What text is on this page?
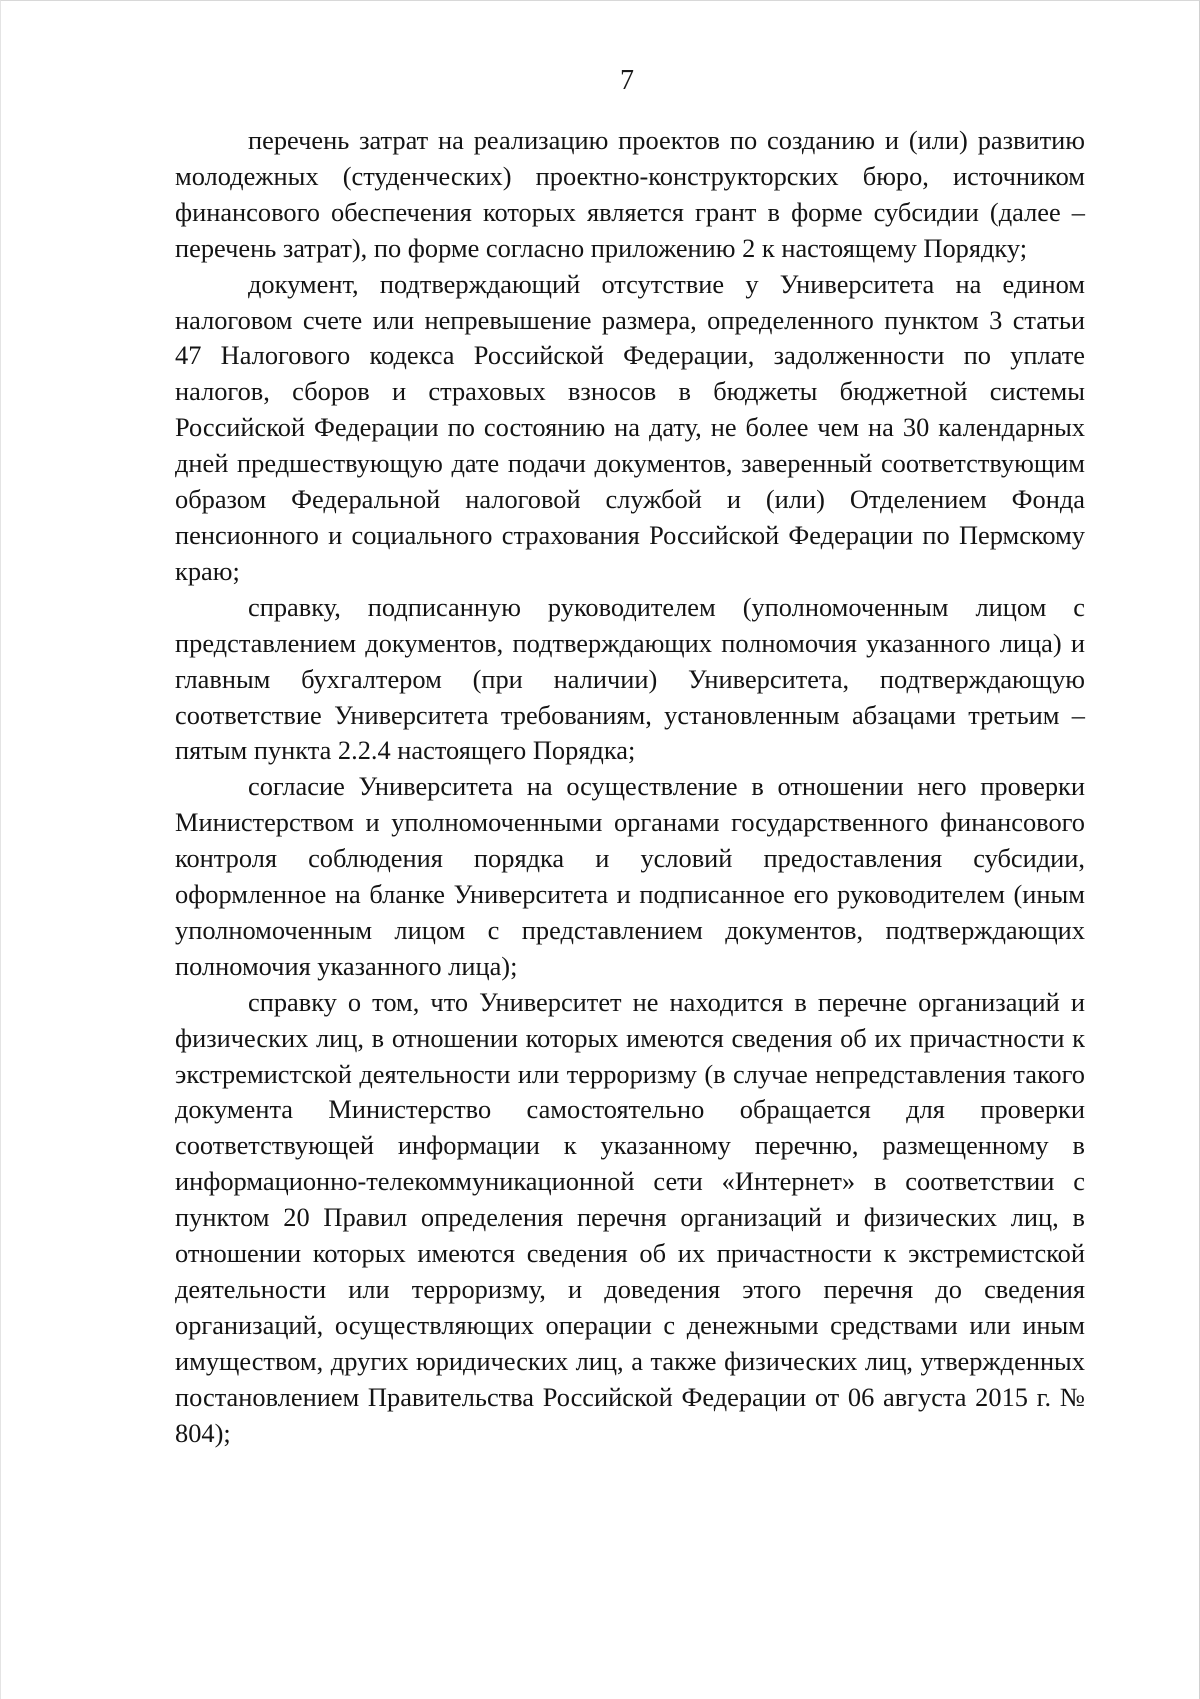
7

перечень затрат на реализацию проектов по созданию и (или) развитию молодежных (студенческих) проектно-конструкторских бюро, источником финансового обеспечения которых является грант в форме субсидии (далее – перечень затрат), по форме согласно приложению 2 к настоящему Порядку;

документ, подтверждающий отсутствие у Университета на едином налоговом счете или непревышение размера, определенного пунктом 3 статьи 47 Налогового кодекса Российской Федерации, задолженности по уплате налогов, сборов и страховых взносов в бюджеты бюджетной системы Российской Федерации по состоянию на дату, не более чем на 30 календарных дней предшествующую дате подачи документов, заверенный соответствующим образом Федеральной налоговой службой и (или) Отделением Фонда пенсионного и социального страхования Российской Федерации по Пермскому краю;

справку, подписанную руководителем (уполномоченным лицом с представлением документов, подтверждающих полномочия указанного лица) и главным бухгалтером (при наличии) Университета, подтверждающую соответствие Университета требованиям, установленным абзацами третьим – пятым пункта 2.2.4 настоящего Порядка;

согласие Университета на осуществление в отношении него проверки Министерством и уполномоченными органами государственного финансового контроля соблюдения порядка и условий предоставления субсидии, оформленное на бланке Университета и подписанное его руководителем (иным уполномоченным лицом с представлением документов, подтверждающих полномочия указанного лица);

справку о том, что Университет не находится в перечне организаций и физических лиц, в отношении которых имеются сведения об их причастности к экстремистской деятельности или терроризму (в случае непредставления такого документа Министерство самостоятельно обращается для проверки соответствующей информации к указанному перечню, размещенному в информационно-телекоммуникационной сети «Интернет» в соответствии с пунктом 20 Правил определения перечня организаций и физических лиц, в отношении которых имеются сведения об их причастности к экстремистской деятельности или терроризму, и доведения этого перечня до сведения организаций, осуществляющих операции с денежными средствами или иным имуществом, других юридических лиц, а также физических лиц, утвержденных постановлением Правительства Российской Федерации от 06 августа 2015 г. № 804);
